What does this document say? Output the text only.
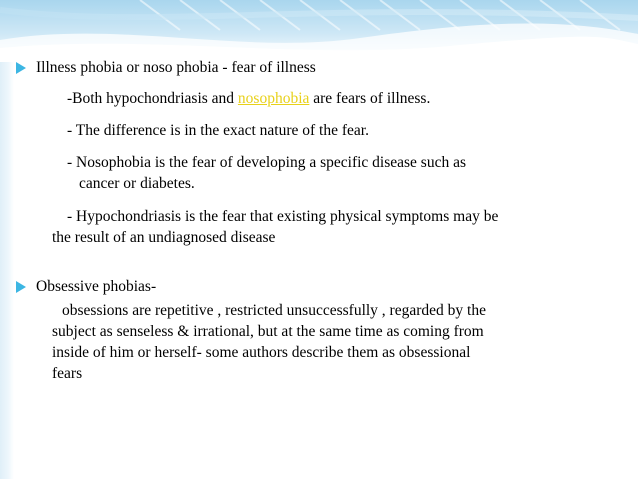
Illness phobia or noso phobia - fear of illness
-Both hypochondriasis and nosophobia are fears of illness.
- The difference is in the exact nature of the fear.
- Nosophobia is the fear of developing a specific disease such as
cancer or diabetes.
- Hypochondriasis is the fear that existing physical symptoms may be
the result of an undiagnosed disease
Obsessive phobias-
obsessions are repetitive , restricted unsuccessfully , regarded by the
subject as senseless & irrational, but at the same time as coming from
inside of him or herself- some authors describe them as obsessional
fears
